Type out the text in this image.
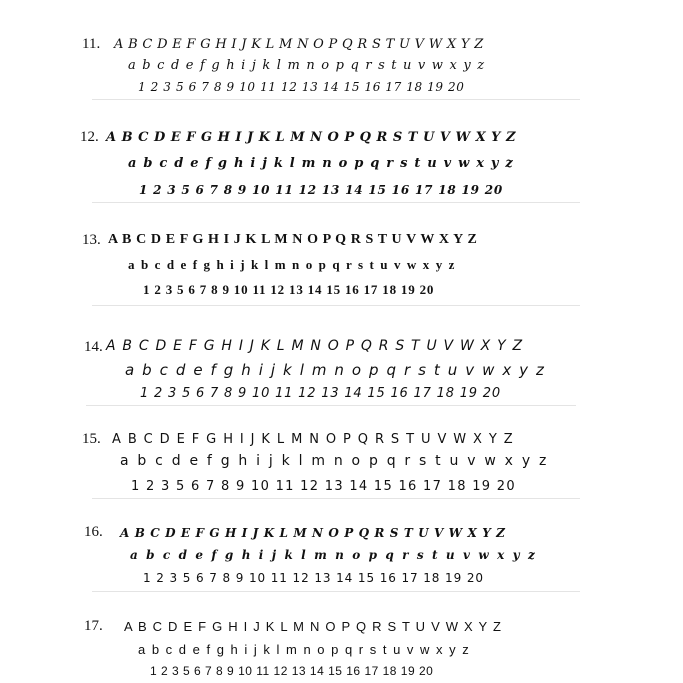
11. A B C D E F G H I J K L M N O P Q R S T U V W X Y Z
a b c d e f g h i j k l m n o p q r s t u v w x y z
1 2 3 5 6 7 8 9 10 11 12 13 14 15 16 17 18 19 20
12. A B C D E F G H I J K L M N O P Q R S T U V W X Y Z
a b c d e f g h i j k l m n o p q r s t u v w x y z
1 2 3 5 6 7 8 9 10 11 12 13 14 15 16 17 18 19 20
13. A B C D E F G H I J K L M N O P Q R S T U V W X Y Z
a b c d e f g h i j k l m n o p q r s t u v w x y z
1 2 3 5 6 7 8 9 10 11 12 13 14 15 16 17 18 19 20
14. A B C D E F G H I J K L M N O P Q R S T U V W X Y Z
a b c d e f g h i j k l m n o p q r s t u v w x y z
1 2 3 5 6 7 8 9 10 11 12 13 14 15 16 17 18 19 20
15. A B C D E F G H I J K L M N O P Q R S T U V W X Y Z
a b c d e f g h i j k l m n o p q r s t u v w x y z
1 2 3 5 6 7 8 9 10 11 12 13 14 15 16 17 18 19 20
16. A B C D E F G H I J K L M N O P Q R S T U V W X Y Z
a b c d e f g h i j k l m n o p q r s t u v w x y z
1 2 3 5 6 7 8 9 10 11 12 13 14 15 16 17 18 19 20
17. A B C D E F G H I J K L M N O P Q R S T U V W X Y Z
a b c d e f g h i j k l m n o p q r s t u v w x y z
1 2 3 5 6 7 8 9 10 11 12 13 14 15 16 17 18 19 20
